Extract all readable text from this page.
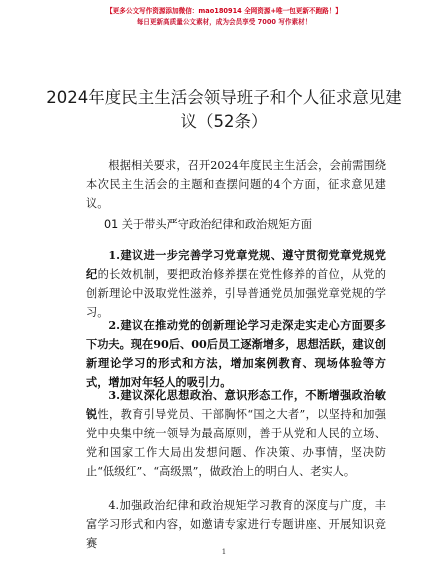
【更多公文写作资源添加微信：mao180914 全网资源+唯一包更新不跑路！】
每日更新高质量公文素材，成为会员享受 7000 写作素材！
2024年度民主生活会领导班子和个人征求意见建议（52条）

根据相关要求，召开2024年度民主生活会，会前需围绕本次民主生活会的主题和查摆问题的4个方面，征求意见建议。

01 关于带头严守政治纪律和政治规矩方面

1.建议进一步完善学习党章党规、遵守贯彻党章党规党纪的长效机制，要把政治修养摆在党性修养的首位，从党的创新理论中汲取党性滋养，引导普通党员加强党章党规的学习。

2.建议在推动党的创新理论学习走深走实走心方面要多下功夫。现在90后、00后员工逐渐增多，思想活跃，建议创新理论学习的形式和方法，增加案例教育、现场体验等方式，增加对年轻人的吸引力。

3.建议深化思想政治、意识形态工作，不断增强政治敏锐性，教育引导党员、干部胸怀“国之大者”，以坚持和加强党中央集中统一领导为最高原则，善于从党和人民的立场、党和国家工作大局出发想问题、作决策、办事情，坚决防止“低级红”、“高级黑”，做政治上的明白人、老实人。

4.加强政治纪律和政治规矩学习教育的深度与广度，丰富学习形式和内容，如邀请专家进行专题讲座、开展知识竞赛

1
